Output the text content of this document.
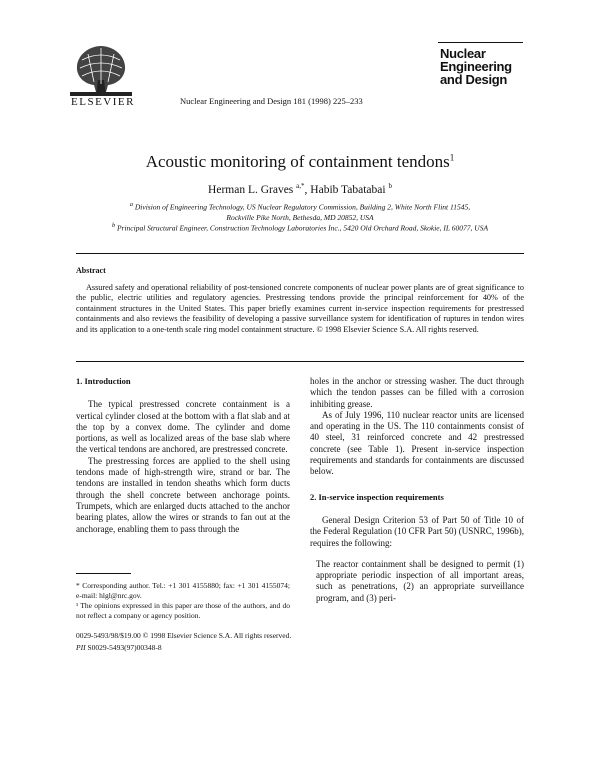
ELSEVIER	Nuclear Engineering and Design 181 (1998) 225–233
Nuclear
Engineering
and Design
Acoustic monitoring of containment tendons$^1$
Herman L. Graves $^{a,*}$, Habib Tabatabai $^b$
$^a$ Division of Engineering Technology, US Nuclear Regulatory Commission, Building 2, White North Flint 11545,
Rockville Pike North, Bethesda, MD 20852, USA
$^b$ Principal Structural Engineer, Construction Technology Laboratories Inc., 5420 Old Orchard Road, Skokie, IL 60077, USA
Abstract
Assured safety and operational reliability of post-tensioned concrete components of nuclear power plants are of great significance to the public, electric utilities and regulatory agencies. Prestressing tendons provide the principal reinforcement for 40% of the containment structures in the United States. This paper briefly examines current in-service inspection requirements for prestressed containments and also reviews the feasibility of developing a passive surveillance system for identification of ruptures in tendon wires and its application to a one-tenth scale ring model containment structure. © 1998 Elsevier Science S.A. All rights reserved.
1. Introduction

The typical prestressed concrete containment is a vertical cylinder closed at the bottom with a flat slab and at the top by a convex dome. The cylinder and dome portions, as well as localized areas of the base slab where the vertical tendons are anchored, are prestressed concrete.

The prestressing forces are applied to the shell using tendons made of high-strength wire, strand or bar. The tendons are installed in tendon sheaths which form ducts through the shell concrete between anchorage points. Trumpets, which are enlarged ducts attached to the anchor bearing plates, allow the wires or strands to fan out at the anchorage, enabling them to pass through the

* Corresponding author. Tel.: +1 301 4155880; fax: +1 301 4155074; e-mail: hlgl@nrc.gov.
¹ The opinions expressed in this paper are those of the authors, and do not reflect a company or agency position.
0029-5493/98/$19.00 © 1998 Elsevier Science S.A. All rights reserved.
PII S0029-5493(97)00348-8

holes in the anchor or stressing washer. The duct through which the tendon passes can be filled with a corrosion inhibiting grease.

As of July 1996, 110 nuclear reactor units are licensed and operating in the US. The 110 containments consist of 40 steel, 31 reinforced concrete and 42 prestressed concrete (see Table 1). Present in-service inspection requirements and standards for containments are discussed below.

2. In-service inspection requirements

General Design Criterion 53 of Part 50 of Title 10 of the Federal Regulation (10 CFR Part 50) (USNRC, 1996b), requires the following:

The reactor containment shall be designed to permit (1) appropriate periodic inspection of all important areas, such as penetrations, (2) an appropriate surveillance program, and (3) peri-
